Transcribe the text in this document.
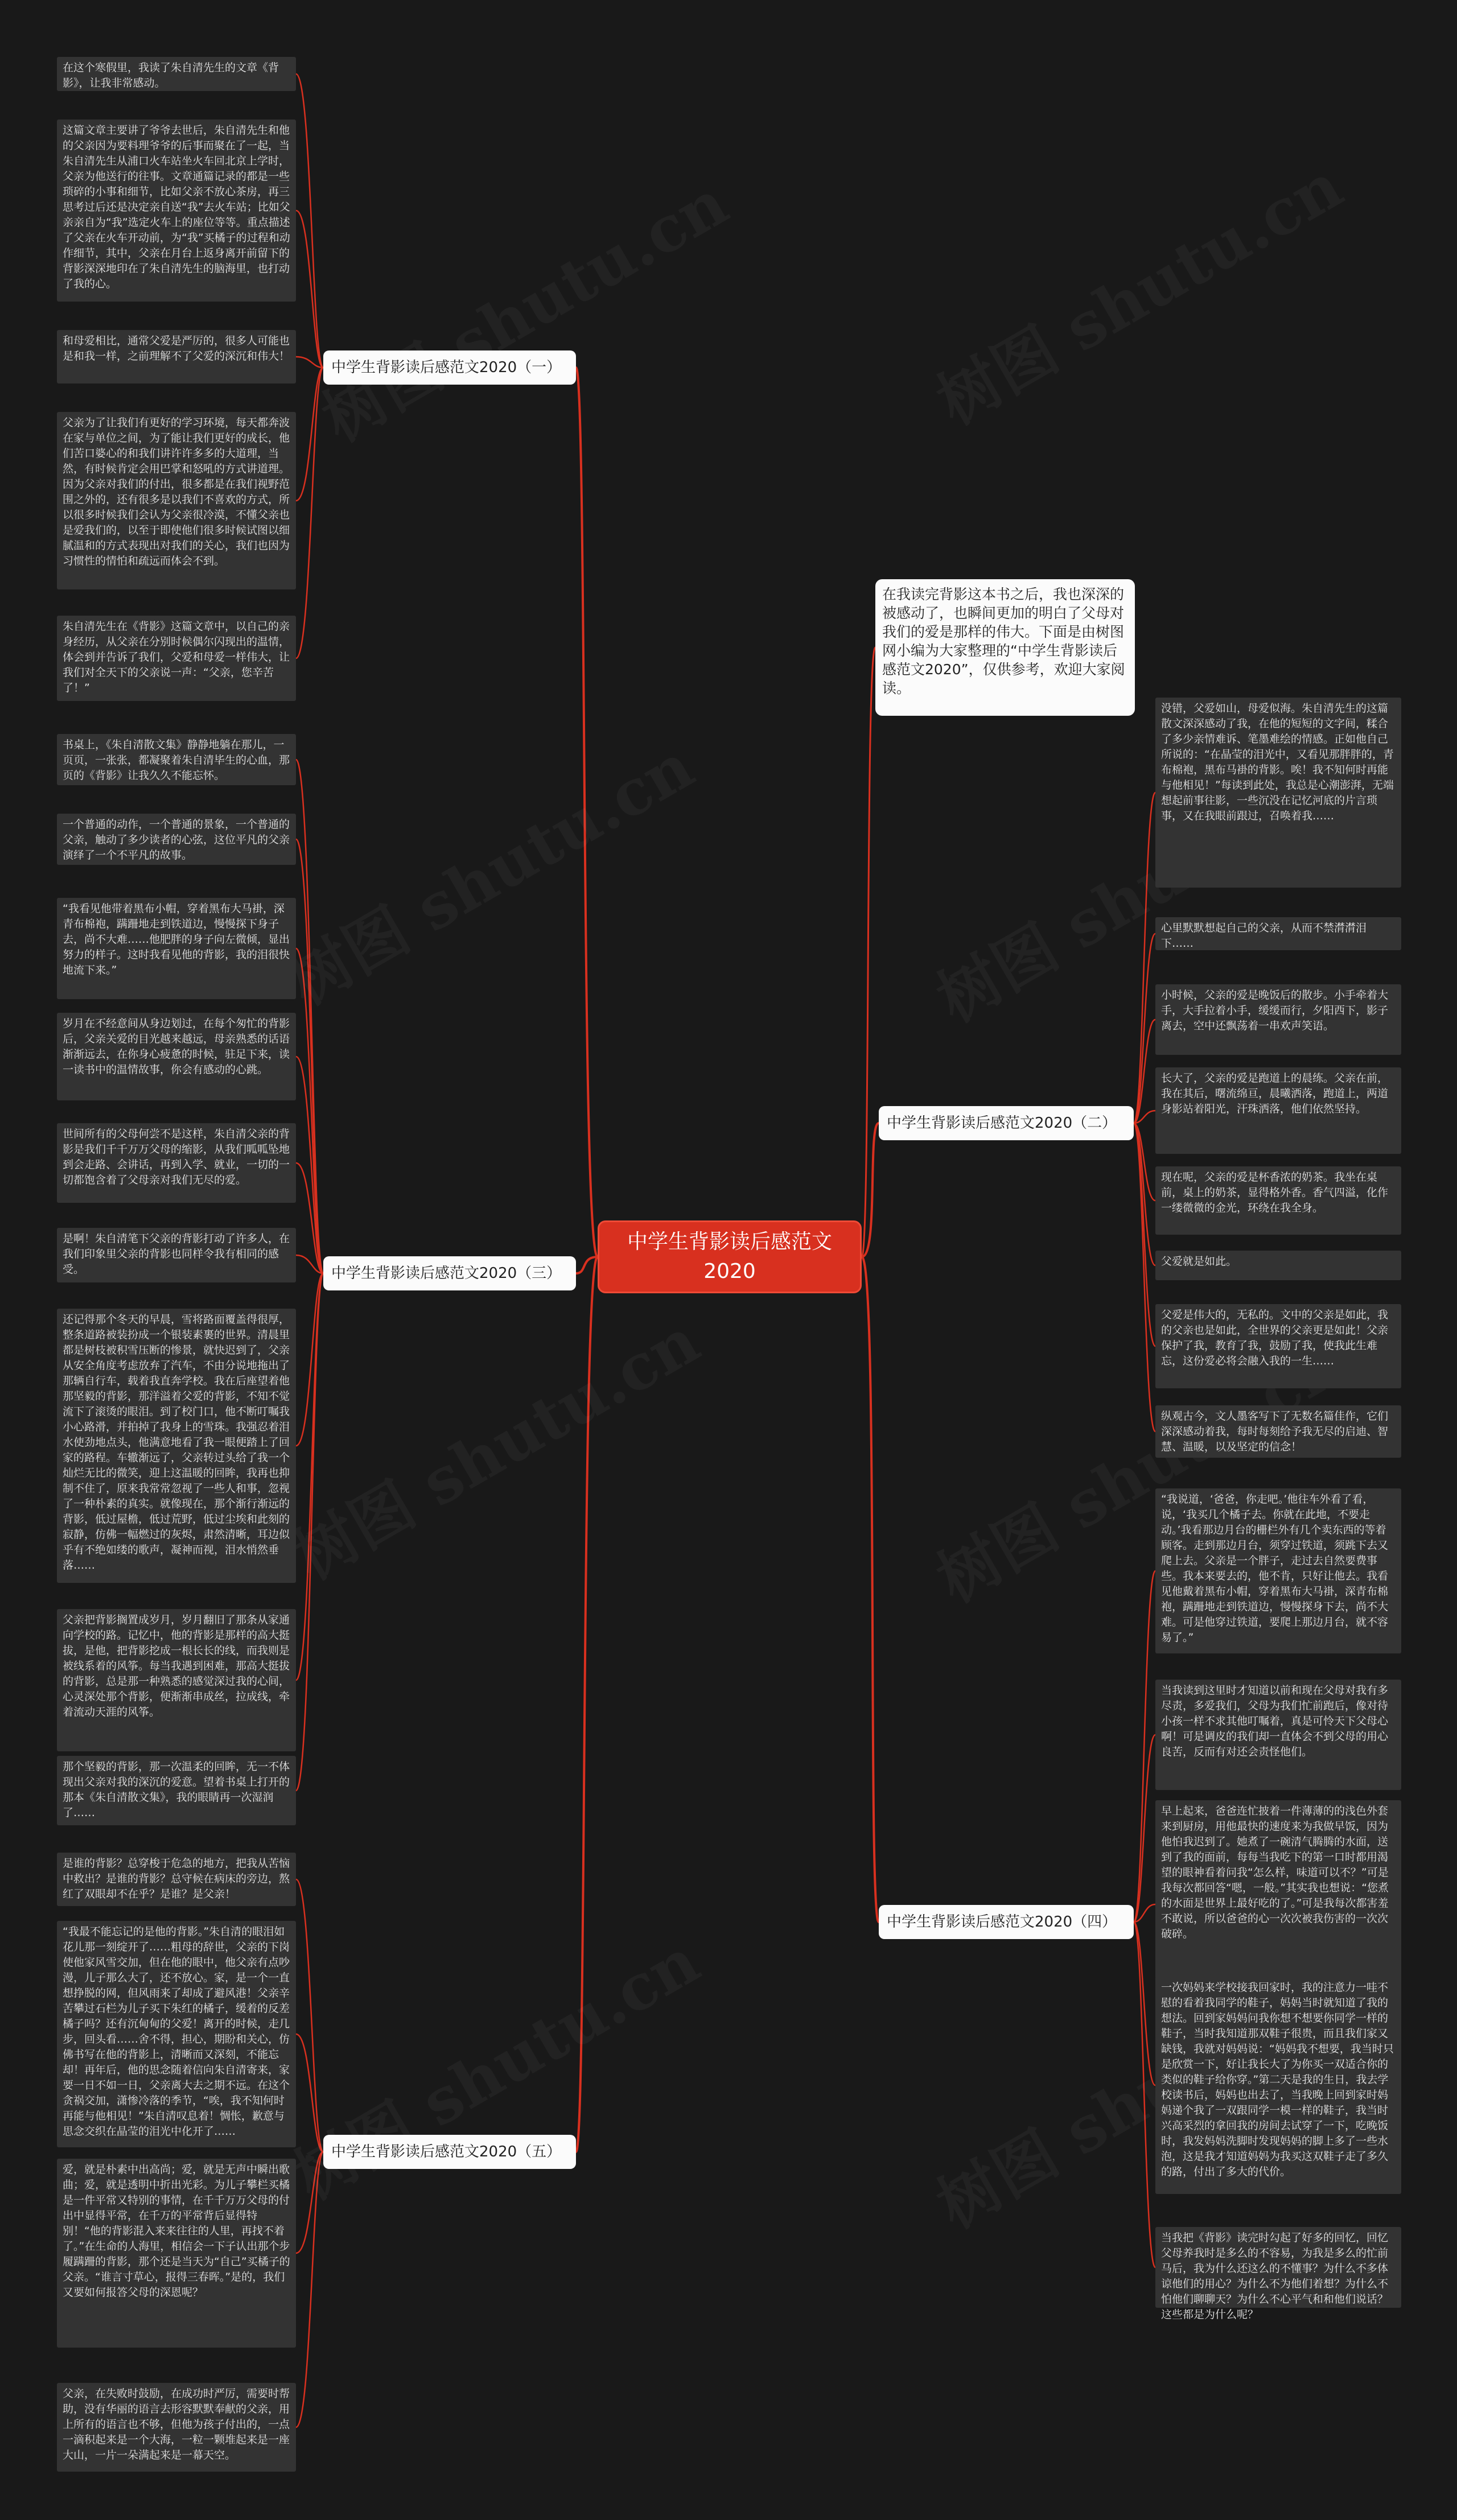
中学生背影读后感范文2020
在我读完背影这本书之后，我也深深的被感动了，也瞬间更加的明白了父母对我们的爱是那样的伟大。下面是由树图网小编为大家整理的“中学生背影读后感范文2020”，仅供参考，欢迎大家阅读。
中学生背影读后感范文2020（一）
在这个寒假里，我读了朱自清先生的文章《背影》，让我非常感动。
这篇文章主要讲了爷爷去世后，朱自清先生和他的父亲因为要料理爷爷的后事而聚在了一起，当朱自清先生从浦口火车站坐火车回北京上学时，父亲为他送行的往事。文章通篇记录的都是一些琐碎的小事和细节，比如父亲不放心茶房，再三思考过后还是决定亲自送“我”去火车站；比如父亲亲自为“我”选定火车上的座位等等。重点描述了父亲在火车开动前，为“我”买橘子的过程和动作细节，其中，父亲在月台上返身离开前留下的背影深深地印在了朱自清先生的脑海里，也打动了我的心。
和母爱相比，通常父爱是严厉的，很多人可能也是和我一样，之前理解不了父爱的深沉和伟大！
父亲为了让我们有更好的学习环境，每天都奔波在家与单位之间，为了能让我们更好的成长，他们苦口婆心的和我们讲许许多多的大道理，当然，有时候肯定会用巴掌和怒吼的方式讲道理。因为父亲对我们的付出，很多都是在我们视野范围之外的，还有很多是以我们不喜欢的方式，所以很多时候我们会认为父亲很冷漠，不懂父亲也是爱我们的，以至于即使他们很多时候试图以细腻温和的方式表现出对我们的关心，我们也因为习惯性的情怕和疏远而体会不到。
朱自清先生在《背影》这篇文章中，以自己的亲身经历，从父亲在分别时候偶尔闪现出的温情，体会到并告诉了我们，父爱和母爱一样伟大，让我们对全天下的父亲说一声：“父亲，您辛苦了！”
中学生背影读后感范文2020（二）
没错，父爱如山，母爱似海。朱自清先生的这篇散文深深感动了我，在他的短短的文字间，糅合了多少亲情难诉、笔墨难绘的情感。正如他自己所说的：“在晶莹的泪光中，又看见那胖胖的，青布棉袍，黑布马褂的背影。唉！我不知何时再能与他相见！”每读到此处，我总是心潮澎湃，无端想起前事往影，一些沉没在记忆河底的片言琐事，又在我眼前跟过，召唤着我……
心里默默想起自己的父亲，从而不禁潸潸泪下……
小时候，父亲的爱是晚饭后的散步。小手牵着大手，大手拉着小手，缓缓而行，夕阳西下，影子离去，空中还飘荡着一串欢声笑语。
长大了，父亲的爱是跑道上的晨练。父亲在前，我在其后，曙流绵亘，晨曦洒落，跑道上，两道身影站着阳光，汗珠洒落，他们依然坚持。
现在呢，父亲的爱是杯香浓的奶茶。我坐在桌前，桌上的奶茶，显得格外香。香气四溢，化作一缕微微的金光，环绕在我全身。
父爱就是如此。
父爱是伟大的，无私的。文中的父亲是如此，我的父亲也是如此，全世界的父亲更是如此！父亲保护了我，教育了我，鼓励了我，使我此生难忘，这份爱必将会融入我的一生……
纵观古今，文人墨客写下了无数名篇佳作，它们深深感动着我，每时每刻给予我无尽的启迪、智慧、温暖，以及坚定的信念！
中学生背影读后感范文2020（三）
书桌上，《朱自清散文集》静静地躺在那儿，一页页，一张张，都凝聚着朱自清毕生的心血，那页的《背影》让我久久不能忘怀。
一个普通的动作，一个普通的景象，一个普通的父亲，触动了多少读者的心弦，这位平凡的父亲演绎了一个不平凡的故事。
“我看见他带着黑布小帽，穿着黑布大马褂，深青布棉袍，蹒跚地走到铁道边，慢慢探下身子去，尚不大难……他肥胖的身子向左微倾，显出努力的样子。这时我看见他的背影，我的泪很快地流下来。”
岁月在不经意间从身边划过，在每个匆忙的背影后，父亲关爱的目光越来越远，母亲熟悉的话语渐渐远去，在你身心疲惫的时候，驻足下来，读一读书中的温情故事，你会有感动的心跳。
世间所有的父母何尝不是这样，朱自清父亲的背影是我们千千万万父母的缩影，从我们呱呱坠地到会走路、会讲话，再到入学、就业，一切的一切都饱含着了父母亲对我们无尽的爱。
是啊！朱自清笔下父亲的背影打动了许多人，在我们印象里父亲的背影也同样令我有相同的感受。
还记得那个冬天的早晨，雪将路面覆盖得很厚，整条道路被装扮成一个银装素裹的世界。清晨里都是树枝被积雪压断的惨景，就快迟到了，父亲从安全角度考虑放弃了汽车，不由分说地拖出了那辆自行车，载着我直奔学校。我在后座望着他那坚毅的背影，那洋溢着父爱的背影，不知不觉流下了滚烫的眼泪。到了校门口，他不断叮嘱我小心路滑，并拍掉了我身上的雪珠。我强忍着泪水使劲地点头，他满意地看了我一眼便踏上了回家的路程。车辙渐远了，父亲转过头给了我一个灿烂无比的微笑，迎上这温暖的回眸，我再也抑制不住了，原来我常常忽视了一些人和事，忽视了一种朴素的真实。就像现在，那个渐行渐远的背影，低过屋檐，低过荒野，低过尘埃和此刻的寂静，仿佛一幅燃过的灰烬，肃然清晰，耳边似乎有不绝如缕的歌声，凝神而视，泪水悄然垂落……
父亲把背影搁置成岁月，岁月翻旧了那条从家通向学校的路。记忆中，他的背影是那样的高大挺拔，是他，把背影挖成一根长长的线，而我则是被线系着的风筝。每当我遇到困难，那高大挺拔的背影，总是那一种熟悉的感觉深过我的心间，心灵深处那个背影，便渐渐串成丝，拉成线，牵着流动天涯的风筝。
那个坚毅的背影，那一次温柔的回眸，无一不体现出父亲对我的深沉的爱意。望着书桌上打开的那本《朱自清散文集》，我的眼睛再一次湿润了……
中学生背影读后感范文2020（四）
“我说道，‘爸爸，你走吧。’他往车外看了看，说，‘我买几个橘子去。你就在此地，不要走动。’我看那边月台的栅栏外有几个卖东西的等着顾客。走到那边月台，须穿过铁道，须跳下去又爬上去。父亲是一个胖子，走过去自然要费事些。我本来要去的，他不肯，只好让他去。我看见他戴着黑布小帽，穿着黑布大马褂，深青布棉袍，蹒跚地走到铁道边，慢慢探身下去，尚不大难。可是他穿过铁道，要爬上那边月台，就不容易了。”
当我读到这里时才知道以前和现在父母对我有多尽责，多爱我们，父母为我们忙前跑后，像对待小孩一样不求其他叮嘱着，真是可怜天下父母心啊！可是调皮的我们却一直体会不到父母的用心良苦，反而有对还会责怪他们。
早上起来，爸爸连忙披着一件薄薄的的浅色外套来到厨房，用他最快的速度来为我做早饭，因为他怕我迟到了。她煮了一碗清气腾腾的水面，送到了我的面前，每每当我吃下的第一口时都用渴望的眼神看着问我“怎么样，味道可以不？”可是我每次都回答“嗯，一般。”其实我也想说：“您煮的水面是世界上最好吃的了。”可是我每次都害羞不敢说，所以爸爸的心一次次被我伤害的一次次破碎。
一次妈妈来学校接我回家时，我的注意力一哇不慰的看着我同学的鞋子，妈妈当时就知道了我的想法。回到家妈妈问我你想不想要你同学一样的鞋子，当时我知道那双鞋子很贵，而且我们家又缺钱，我就对妈妈说：“妈妈我不想要，我当时只是欣赏一下，好让我长大了为你买一双适合你的类似的鞋子给你穿。”第二天是我的生日，我去学校读书后，妈妈也出去了，当我晚上回到家时妈妈递个我了一双跟同学一模一样的鞋子，我当时兴高采烈的拿回我的房间去试穿了一下，吃晚饭时，我发妈妈洗脚时发现妈妈的脚上多了一些水泡，这是我才知道妈妈为我买这双鞋子走了多久的路，付出了多大的代价。
当我把《背影》读完时勾起了好多的回忆，回忆父母养我时是多么的不容易，为我是多么的忙前马后，我为什么还这么的不懂事？为什么不多体谅他们的用心？为什么不为他们着想？为什么不怕他们聊聊天？为什么不心平气和和他们说话？这些都是为什么呢？
中学生背影读后感范文2020（五）
是谁的背影？总穿梭于危急的地方，把我从苦恼中救出？是谁的背影？总守候在病床的旁边，熬红了双眼却不在乎？是谁？是父亲！
“我最不能忘记的是他的背影。”朱自清的眼泪如花儿那一刻绽开了……粗母的辞世，父亲的下岗使他家风雪交加，但在他的眼中，他父亲有点吵漫，儿子那么大了，还不放心。家，是一个一直想挣脱的网，但风雨来了却成了避风港！父亲辛苦攀过石栏为儿子买下朱红的橘子，缓着的反差橘子吗？还有沉甸甸的父爱！离开的时候，走几步，回头看……舍不得，担心，期盼和关心，仿佛书写在他的背影上，清晰而又深刻，不能忘却！再年后，他的思念随着信向朱自清寄来，家要一日不如一日，父亲离大去之期不远。在这个贪祸交加，潇惨冷落的季节，“唉，我不知何时再能与他相见！”朱自清叹息着！惆怅，歉意与思念交织在晶莹的泪光中化开了……
爱，就是朴素中出高尚；爱，就是无声中瞬出歌曲；爱，就是透明中折出光彩。为儿子攀栏买橘是一件平常又特别的事情，在千千万万父母的付出中显得平常，在千万的平常背后显得特别！“他的背影混入来来往往的人里，再找不着了。”在生命的人海里，相信会一下子认出那个步履蹒跚的背影，那个还是当天为“自己”买橘子的父亲。“谁言寸草心，报得三春晖。”是的，我们又要如何报答父母的深恩呢？
父亲，在失败时鼓励，在成功时严厉，需要时帮助，没有华丽的语言去形容默默奉献的父亲，用上所有的语言也不够，但他为孩子付出的，一点一滴积起来是一个大海，一粒一颗堆起来是一座大山，一片一朵满起来是一幕天空。
